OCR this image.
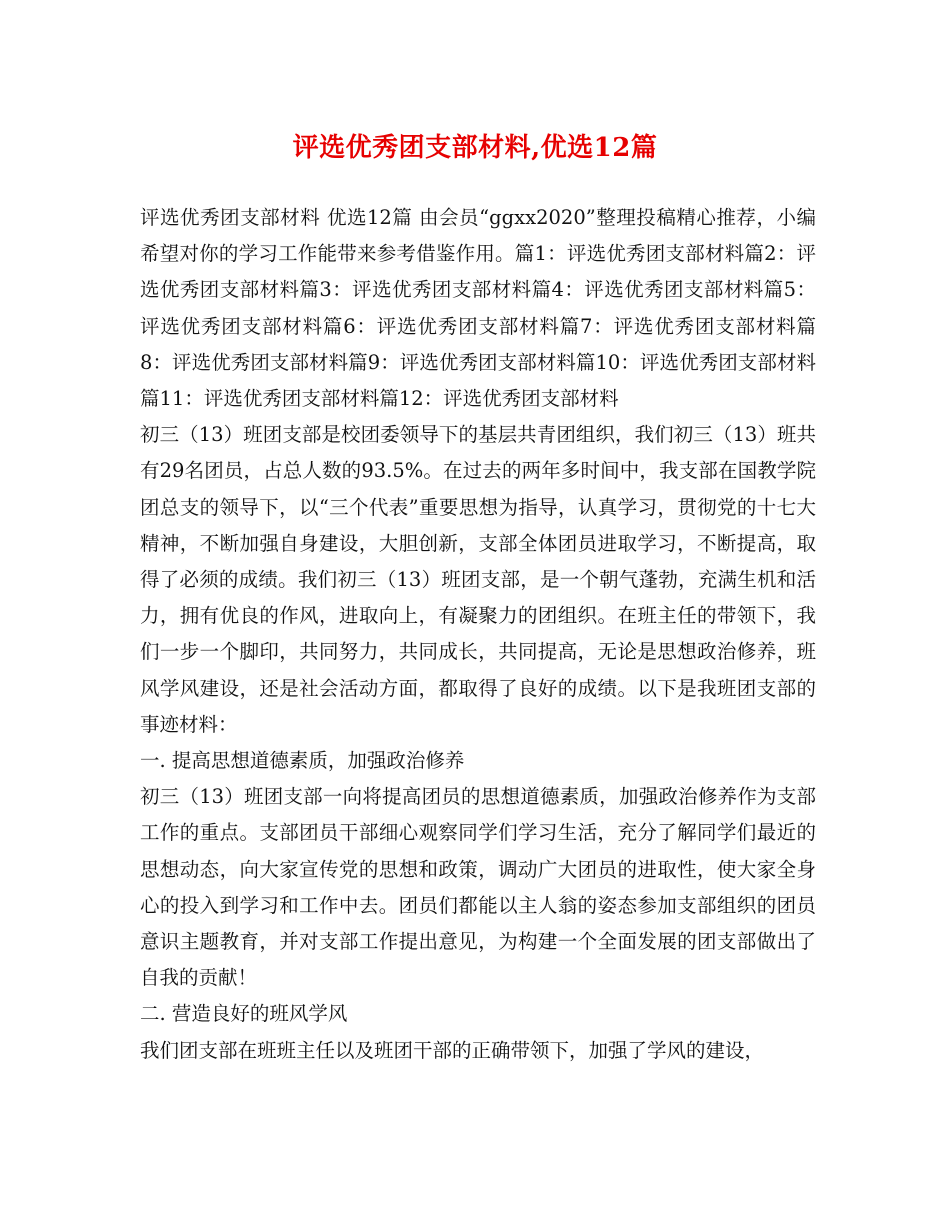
评选优秀团支部材料,优选12篇

评选优秀团支部材料 优选12篇 由会员“ggxx2020”整理投稿精心推荐，小编希望对你的学习工作能带来参考借鉴作用。篇1：评选优秀团支部材料篇2：评选优秀团支部材料篇3：评选优秀团支部材料篇4：评选优秀团支部材料篇5：评选优秀团支部材料篇6：评选优秀团支部材料篇7：评选优秀团支部材料篇8：评选优秀团支部材料篇9：评选优秀团支部材料篇10：评选优秀团支部材料篇11：评选优秀团支部材料篇12：评选优秀团支部材料

初三（13）班团支部是校团委领导下的基层共青团组织，我们初三（13）班共有29名团员，占总人数的93.5%。在过去的两年多时间中，我支部在国教学院团总支的领导下，以“三个代表”重要思想为指导，认真学习，贯彻党的十七大精神，不断加强自身建设，大胆创新，支部全体团员进取学习，不断提高，取得了必须的成绩。我们初三（13）班团支部，是一个朝气蓬勃，充满生机和活力，拥有优良的作风，进取向上，有凝聚力的团组织。在班主任的带领下，我们一步一个脚印，共同努力，共同成长，共同提高，无论是思想政治修养，班风学风建设，还是社会活动方面，都取得了良好的成绩。以下是我班团支部的事迹材料：

一. 提高思想道德素质，加强政治修养

初三（13）班团支部一向将提高团员的思想道德素质，加强政治修养作为支部工作的重点。支部团员干部细心观察同学们学习生活，充分了解同学们最近的思想动态，向大家宣传党的思想和政策，调动广大团员的进取性，使大家全身心的投入到学习和工作中去。团员们都能以主人翁的姿态参加支部组织的团员意识主题教育，并对支部工作提出意见，为构建一个全面发展的团支部做出了自我的贡献！

二. 营造良好的班风学风

我们团支部在班班主任以及班团干部的正确带领下，加强了学风的建设，
